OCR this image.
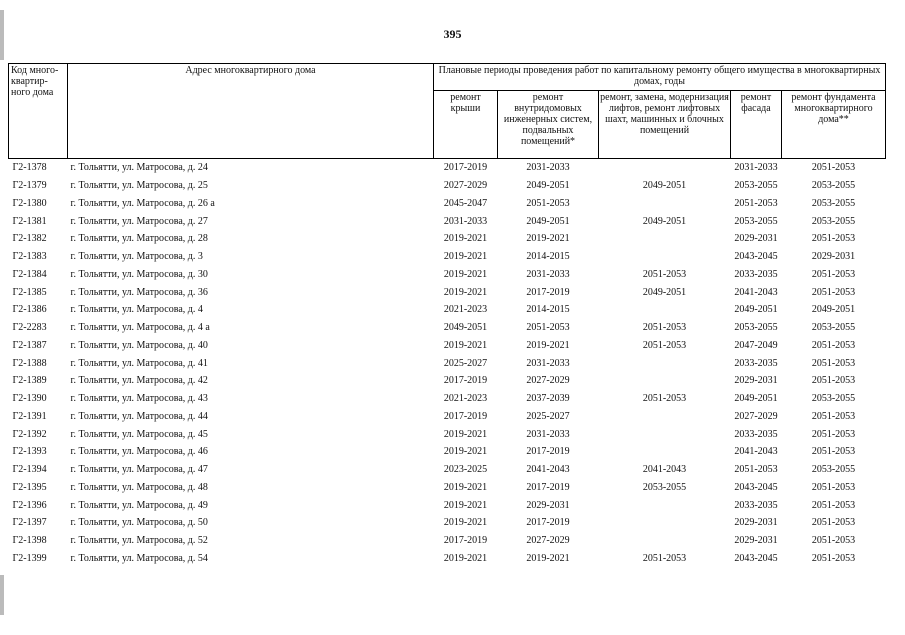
395
Код много-квартир-ного дома	Адрес многоквартирного дома	Плановые периоды проведения работ по капитальному ремонту общего имущества в многоквартирных домах, годы				
		ремонт крыши	ремонт внутридомовых инженерных систем, подвальных помещений*	ремонт, замена, модернизация лифтов, ремонт лифтовых шахт, машинных и блочных помещений	ремонт фасада	ремонт фундамента многоквартирного дома**
Г2-1378	г. Тольятти, ул. Матросова, д. 24	2017-2019	2031-2033		2031-2033	2051-2053
Г2-1379	г. Тольятти, ул. Матросова, д. 25	2027-2029	2049-2051	2049-2051	2053-2055	2053-2055
Г2-1380	г. Тольятти, ул. Матросова, д. 26 а	2045-2047	2051-2053		2051-2053	2053-2055
Г2-1381	г. Тольятти, ул. Матросова, д. 27	2031-2033	2049-2051	2049-2051	2053-2055	2053-2055
Г2-1382	г. Тольятти, ул. Матросова, д. 28	2019-2021	2019-2021		2029-2031	2051-2053
Г2-1383	г. Тольятти, ул. Матросова, д. 3	2019-2021	2014-2015		2043-2045	2029-2031
Г2-1384	г. Тольятти, ул. Матросова, д. 30	2019-2021	2031-2033	2051-2053	2033-2035	2051-2053
Г2-1385	г. Тольятти, ул. Матросова, д. 36	2019-2021	2017-2019	2049-2051	2041-2043	2051-2053
Г2-1386	г. Тольятти, ул. Матросова, д. 4	2021-2023	2014-2015		2049-2051	2049-2051
Г2-2283	г. Тольятти, ул. Матросова, д. 4 а	2049-2051	2051-2053	2051-2053	2053-2055	2053-2055
Г2-1387	г. Тольятти, ул. Матросова, д. 40	2019-2021	2019-2021	2051-2053	2047-2049	2051-2053
Г2-1388	г. Тольятти, ул. Матросова, д. 41	2025-2027	2031-2033		2033-2035	2051-2053
Г2-1389	г. Тольятти, ул. Матросова, д. 42	2017-2019	2027-2029		2029-2031	2051-2053
Г2-1390	г. Тольятти, ул. Матросова, д. 43	2021-2023	2037-2039	2051-2053	2049-2051	2053-2055
Г2-1391	г. Тольятти, ул. Матросова, д. 44	2017-2019	2025-2027		2027-2029	2051-2053
Г2-1392	г. Тольятти, ул. Матросова, д. 45	2019-2021	2031-2033		2033-2035	2051-2053
Г2-1393	г. Тольятти, ул. Матросова, д. 46	2019-2021	2017-2019		2041-2043	2051-2053
Г2-1394	г. Тольятти, ул. Матросова, д. 47	2023-2025	2041-2043	2041-2043	2051-2053	2053-2055
Г2-1395	г. Тольятти, ул. Матросова, д. 48	2019-2021	2017-2019	2053-2055	2043-2045	2051-2053
Г2-1396	г. Тольятти, ул. Матросова, д. 49	2019-2021	2029-2031		2033-2035	2051-2053
Г2-1397	г. Тольятти, ул. Матросова, д. 50	2019-2021	2017-2019		2029-2031	2051-2053
Г2-1398	г. Тольятти, ул. Матросова, д. 52	2017-2019	2027-2029		2029-2031	2051-2053
Г2-1399	г. Тольятти, ул. Матросова, д. 54	2019-2021	2019-2021	2051-2053	2043-2045	2051-2053
